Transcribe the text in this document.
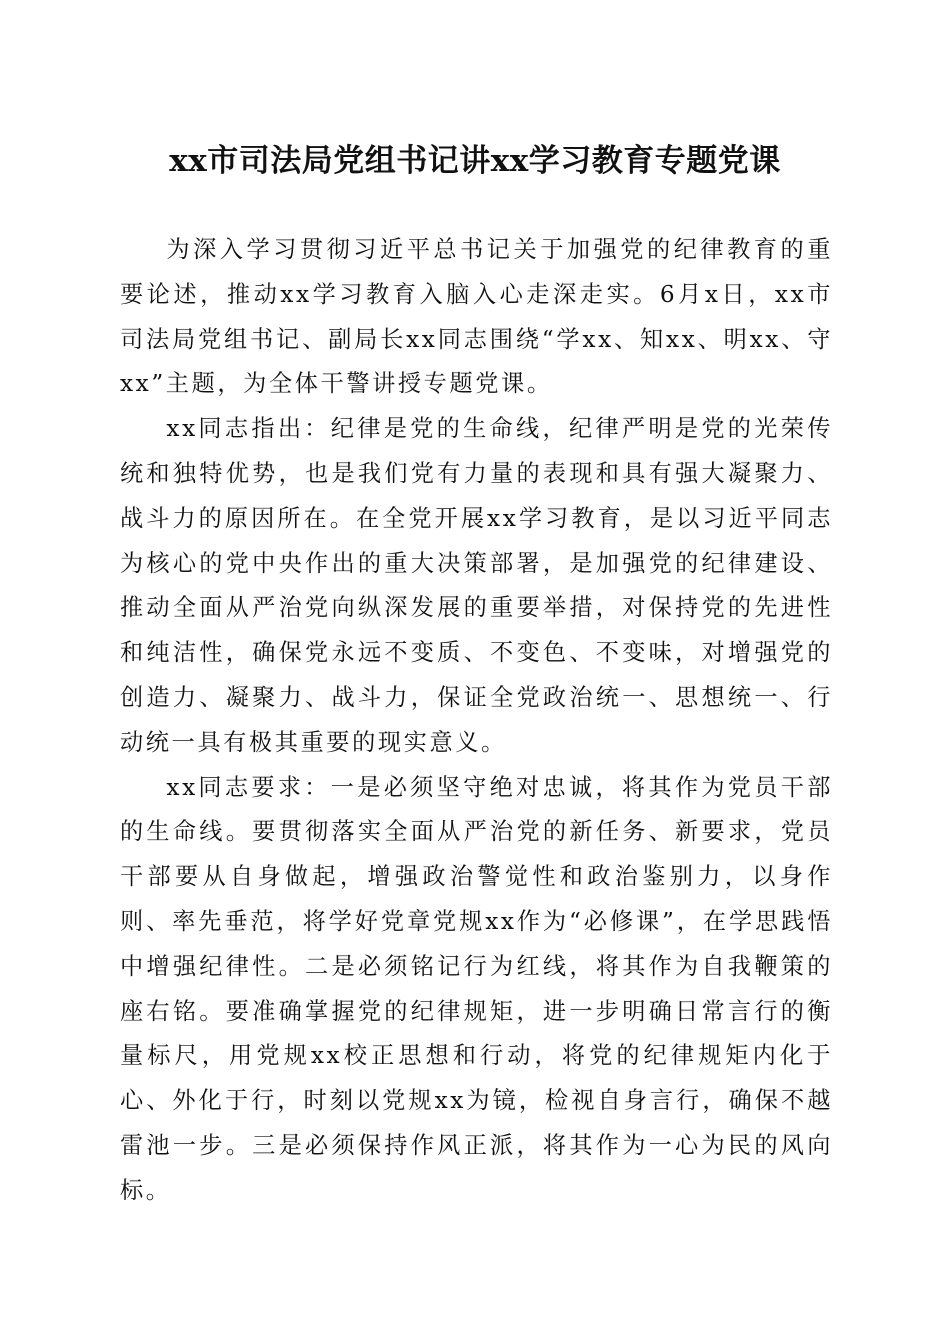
xx市司法局党组书记讲xx学习教育专题党课

为深入学习贯彻习近平总书记关于加强党的纪律教育的重要论述，推动xx学习教育入脑入心走深走实。6月x日，xx市司法局党组书记、副局长xx同志围绕“学xx、知xx、明xx、守xx”主题，为全体干警讲授专题党课。

xx同志指出：纪律是党的生命线，纪律严明是党的光荣传统和独特优势，也是我们党有力量的表现和具有强大凝聚力、战斗力的原因所在。在全党开展xx学习教育，是以习近平同志为核心的党中央作出的重大决策部署，是加强党的纪律建设、推动全面从严治党向纵深发展的重要举措，对保持党的先进性和纯洁性，确保党永远不变质、不变色、不变味，对增强党的创造力、凝聚力、战斗力，保证全党政治统一、思想统一、行动统一具有极其重要的现实意义。

xx同志要求：一是必须坚守绝对忠诚，将其作为党员干部的生命线。要贯彻落实全面从严治党的新任务、新要求，党员干部要从自身做起，增强政治警觉性和政治鉴别力，以身作则、率先垂范，将学好党章党规xx作为“必修课”，在学思践悟中增强纪律性。二是必须铭记行为红线，将其作为自我鞭策的座右铭。要准确掌握党的纪律规矩，进一步明确日常言行的衡量标尺，用党规xx校正思想和行动，将党的纪律规矩内化于心、外化于行，时刻以党规xx为镜，检视自身言行，确保不越雷池一步。三是必须保持作风正派，将其作为一心为民的风向标。
